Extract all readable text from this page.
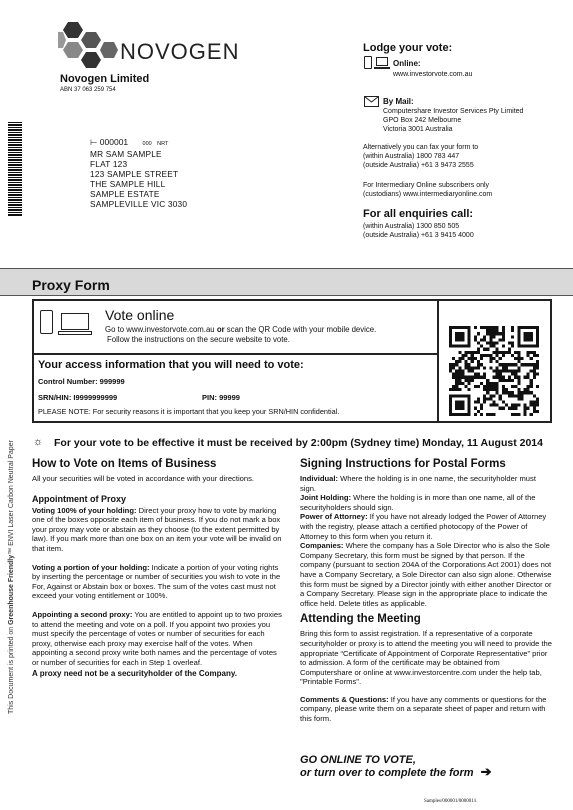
NOVOGEN
Novogen Limited
ABN 37 063 259 754
⊢ 000001	000 NRT
MR SAM SAMPLE
FLAT 123
123 SAMPLE STREET
THE SAMPLE HILL
SAMPLE ESTATE
SAMPLEVILLE VIC 3030
Lodge your vote:
Online:
www.investorvote.com.au
By Mail:
Computershare Investor Services Pty Limited
GPO Box 242 Melbourne
Victoria 3001 Australia
Alternatively you can fax your form to
(within Australia) 1800 783 447
(outside Australia) +61 3 9473 2555
For Intermediary Online subscribers only
(custodians) www.intermediaryonline.com
For all enquiries call:
(within Australia) 1300 850 505
(outside Australia) +61 3 9415 4000
Proxy Form
Vote online
Go to www.investorvote.com.au or scan the QR Code with your mobile device.
Follow the instructions on the secure website to vote.
Your access information that you will need to vote:
Control Number: 999999
SRN/HIN: I9999999999	PIN: 99999
PLEASE NOTE: For security reasons it is important that you keep your SRN/HIN confidential.
☼ For your vote to be effective it must be received by 2:00pm (Sydney time) Monday, 11 August 2014
How to Vote on Items of Business
All your securities will be voted in accordance with your directions.
Appointment of Proxy
Voting 100% of your holding: Direct your proxy how to vote by marking one of the boxes opposite each item of business. If you do not mark a box your proxy may vote or abstain as they choose (to the extent permitted by law). If you mark more than one box on an item your vote will be invalid on that item.
Voting a portion of your holding: Indicate a portion of your voting rights by inserting the percentage or number of securities you wish to vote in the For, Against or Abstain box or boxes. The sum of the votes cast must not exceed your voting entitlement or 100%.
Appointing a second proxy: You are entitled to appoint up to two proxies to attend the meeting and vote on a poll. If you appoint two proxies you must specify the percentage of votes or number of securities for each proxy, otherwise each proxy may exercise half of the votes. When appointing a second proxy write both names and the percentage of votes or number of securities for each in Step 1 overleaf.
A proxy need not be a securityholder of the Company.
Signing Instructions for Postal Forms
Individual: Where the holding is in one name, the securityholder must sign.
Joint Holding: Where the holding is in more than one name, all of the securityholders should sign.
Power of Attorney: If you have not already lodged the Power of Attorney with the registry, please attach a certified photocopy of the Power of Attorney to this form when you return it.
Companies: Where the company has a Sole Director who is also the Sole Company Secretary, this form must be signed by that person. If the company (pursuant to section 204A of the Corporations Act 2001) does not have a Company Secretary, a Sole Director can also sign alone. Otherwise this form must be signed by a Director jointly with either another Director or a Company Secretary. Please sign in the appropriate place to indicate the office held. Delete titles as applicable.
Attending the Meeting
Bring this form to assist registration. If a representative of a corporate securityholder or proxy is to attend the meeting you will need to provide the appropriate “Certificate of Appointment of Corporate Representative” prior to admission. A form of the certificate may be obtained from Computershare or online at www.investorcentre.com under the help tab, "Printable Forms".
Comments & Questions: If you have any comments or questions for the company, please write them on a separate sheet of paper and return with this form.
GO ONLINE TO VOTE,
or turn over to complete the form ➔
This Document is printed on Greenhouse Friendly™ ENVI Laser Carbon Neutral Paper
Samples/000001/000001/i
